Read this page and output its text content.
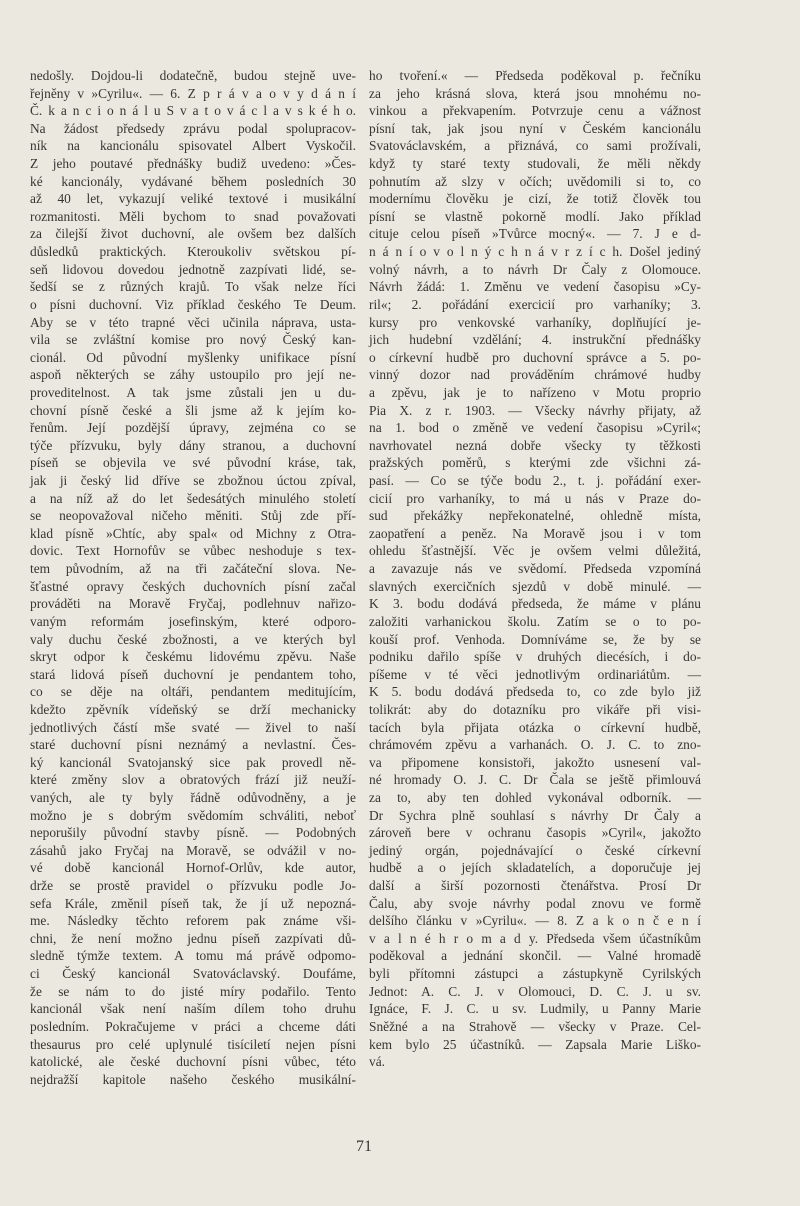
nedošly. Dojdou-li dodatečně, budou stejně uve-
řejněny v »Cyrilu«. — 6. Z p r á v a o v y d á n í
Č. k a n c i o n á l u S v a t o v á c l a v s k é h o.
Na žádost předsedy zprávu podal spolupracov-
ník na kancionálu spisovatel Albert Vyskočil.
Z jeho poutavé přednášky budiž uvedeno: »Čes-
ké kancionály, vydávané během posledních 30
až 40 let, vykazují veliké textové i musikální
rozmanitosti. Měli bychom to snad považovati
za čilejší život duchovní, ale ovšem bez dalších
důsledků praktických. Kteroukoliv světskou pí-
seň lidovou dovedou jednotně zazpívati lidé, se-
šedší se z různých krajů. To však nelze říci
o písni duchovní. Viz příklad českého Te Deum.
Aby se v této trapné věci učinila náprava, usta-
vila se zvláštní komise pro nový Český kan-
cionál. Od původní myšlenky unifikace písní
aspoň některých se záhy ustoupilo pro její ne-
proveditelnost. A tak jsme zůstali jen u du-
chovní písně české a šli jsme až k jejím ko-
řenům. Její pozdější úpravy, zejména co se
týče přízvuku, byly dány stranou, a duchovní
píseň se objevila ve své původní kráse, tak,
jak ji český lid dříve se zbožnou úctou zpíval,
a na níž až do let šedesátých minulého století
se neopovažoval ničeho měniti. Stůj zde pří-
klad písně »Chtíc, aby spal« od Michny z Otra-
dovic. Text Hornofův se vůbec neshoduje s tex-
tem původním, až na tři začáteční slova. Ne-
šťastné opravy českých duchovních písní začal
prováděti na Moravě Fryčaj, podlehnuv nařizo-
vaným reformám josefinským, které odporo-
valy duchu české zbožnosti, a ve kterých byl
skryt odpor k českému lidovému zpěvu. Naše
stará lidová píseň duchovní je pendantem toho,
co se děje na oltáři, pendantem meditujícím,
kdežto zpěvník vídeňský se drží mechanicky
jednotlivých částí mše svaté — živel to naší
staré duchovní písni neznámý a nevlastní. Čes-
ký kancionál Svatojanský sice pak provedl ně-
které změny slov a obratových frází již neuží-
vaných, ale ty byly řádně odůvodněny, a je
možno je s dobrým svědomím schváliti, neboť
neporušily původní stavby písně. — Podobných
zásahů jako Fryčaj na Moravě, se odvážil v no-
vé době kancionál Hornof-Orlův, kde autor,
drže se prostě pravidel o přízvuku podle Jo-
sefa Krále, změnil píseň tak, že jí už nepozná-
me. Následky těchto reforem pak známe vši-
chni, že není možno jednu píseň zazpívati dů-
sledně týmže textem. A tomu má právě odpomo-
ci Český kancionál Svatováclavský. Doufáme,
že se nám to do jisté míry podařilo. Tento
kancionál však není naším dílem toho druhu
posledním. Pokračujeme v práci a chceme dáti
thesaurus pro celé uplynulé tisíciletí nejen písni
katolické, ale české duchovní písni vůbec, této
nejdražší kapitole našeho českého musikální-
ho tvoření.« — Předseda poděkoval p. řečníku
za jeho krásná slova, která jsou mnohému no-
vinkou a překvapením. Potvrzuje cenu a vážnost
písní tak, jak jsou nyní v Českém kancionálu
Svatováclavském, a přiznává, co sami prožívali,
když ty staré texty studovali, že měli někdy
pohnutím až slzy v očích; uvědomili si to, co
modernímu člověku je cizí, že totiž člověk tou
písní se vlastně pokorně modlí. Jako příklad
cituje celou píseň »Tvůrce mocný«. — 7. J e d-
n á n í o v o l n ý c h n á v r z í c h. Došel jediný
volný návrh, a to návrh Dr Čaly z Olomouce.
Návrh žádá: 1. Změnu ve vedení časopisu »Cy-
ril«; 2. pořádání exercicií pro varhaníky; 3.
kursy pro venkovské varhaníky, doplňující je-
jich hudební vzdělání; 4. instrukční přednášky
o církevní hudbě pro duchovní správce a 5. po-
vinný dozor nad prováděním chrámové hudby
a zpěvu, jak je to nařízeno v Motu proprio
Pia X. z r. 1903. — Všecky návrhy přijaty, až
na 1. bod o změně ve vedení časopisu »Cyril«;
navrhovatel nezná dobře všecky ty těžkosti
pražských poměrů, s kterými zde všichni zá-
pasí. — Co se týče bodu 2., t. j. pořádání exer-
cicií pro varhaníky, to má u nás v Praze do-
sud překážky nepřekonatelné, ohledně místa,
zaopatření a peněz. Na Moravě jsou i v tom
ohledu šťastnější. Věc je ovšem velmi důležitá,
a zavazuje nás ve svědomí. Předseda vzpomíná
slavných exercičních sjezdů v době minulé. —
K 3. bodu dodává předseda, že máme v plánu
založiti varhanickou školu. Zatím se o to po-
kouší prof. Venhoda. Domníváme se, že by se
podniku dařilo spíše v druhých diecésích, i do-
píšeme v té věci jednotlivým ordinariátům. —
K 5. bodu dodává předseda to, co zde bylo již
tolikrát: aby do dotazníku pro vikáře při visi-
tacích byla přijata otázka o církevní hudbě,
chrámovém zpěvu a varhanách. O. J. C. to zno-
va připomene konsistoři, jakožto usnesení val-
né hromady O. J. C. Dr Čala se ještě přimlouvá
za to, aby ten dohled vykonával odborník. —
Dr Sychra plně souhlasí s návrhy Dr Čaly a
zároveň bere v ochranu časopis »Cyril«, jakožto
jediný orgán, pojednávající o české církevní
hudbě a o jejích skladatelích, a doporučuje jej
další a širší pozornosti čtenářstva. Prosí Dr
Čalu, aby svoje návrhy podal znovu ve formě
delšího článku v »Cyrilu«. — 8. Z a k o n č e n í
v a l n é h r o m a d y. Předseda všem účastníkům
poděkoval a jednání skončil. — Valné hromadě
byli přítomni zástupci a zástupkyně Cyrilských
Jednot: A. C. J. v Olomouci, D. C. J. u sv.
Ignáce, F. J. C. u sv. Ludmily, u Panny Marie
Sněžné a na Strahově — všecky v Praze. Cel-
kem bylo 25 účastníků. — Zapsala Marie Liško-
vá.
71
